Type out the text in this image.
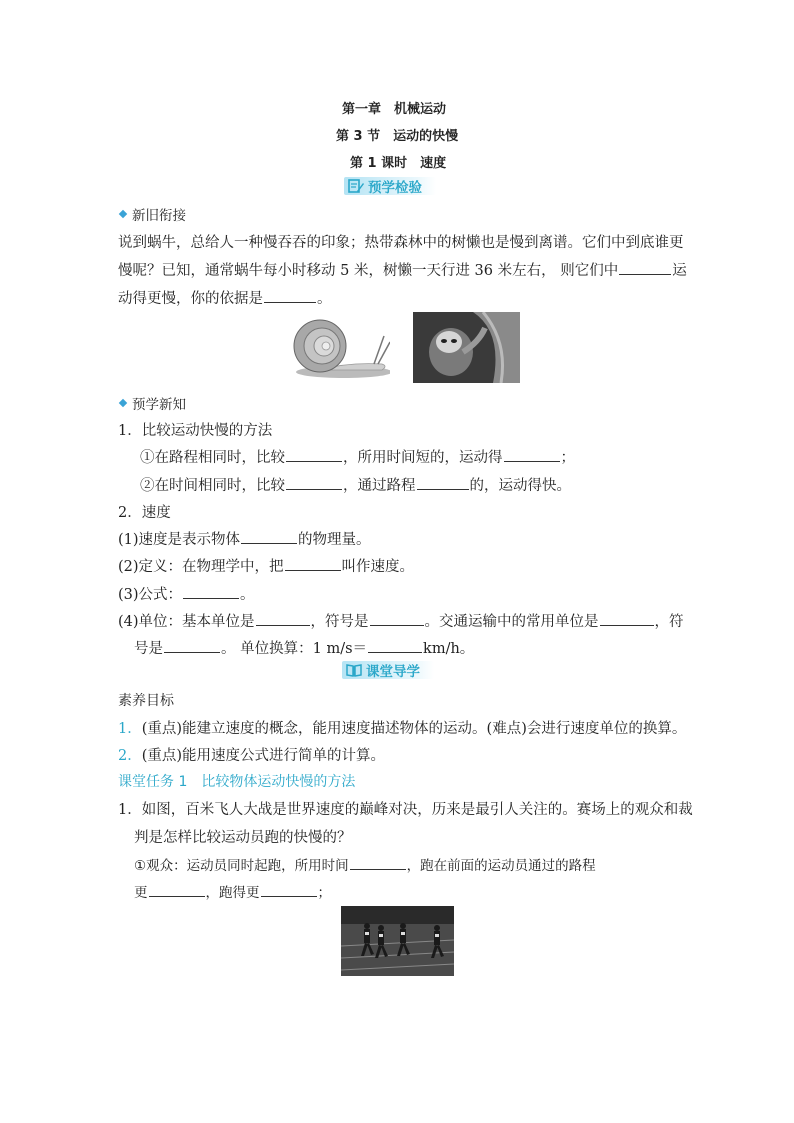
第一章　机械运动
第 3 节　运动的快慢
第 1 课时　速度
预学检验
新旧衔接
说到蜗牛，总给人一种慢吞吞的印象；热带森林中的树懒也是慢到离谱。它们中到底谁更
慢呢？已知，通常蜗牛每小时移动 5 米，树懒一天行进 36 米左右， 则它们中	运
动得更慢，你的依据是	。
预学新知
1．比较运动快慢的方法
①在路程相同时，比较	，所用时间短的，运动得	；
②在时间相同时，比较	，通过路程	的，运动得快。
2．速度
(1)速度是表示物体	的物理量。
(2)定义：在物理学中，把	叫作速度。
(3)公式：	。
(4)单位：基本单位是	，符号是	。交通运输中的常用单位是	，符
号是	。 单位换算：1 m/s＝	km/h。
课堂导学
素养目标
1．(重点)能建立速度的概念，能用速度描述物体的运动。(难点)会进行速度单位的换算。
2．(重点)能用速度公式进行简单的计算。
课堂任务 1　比较物体运动快慢的方法
1．如图，百米飞人大战是世界速度的巅峰对决，历来是最引人关注的。赛场上的观众和裁
判是怎样比较运动员跑的快慢的？
①观众：运动员同时起跑，所用时间	，跑在前面的运动员通过的路程
更	，跑得更	；
